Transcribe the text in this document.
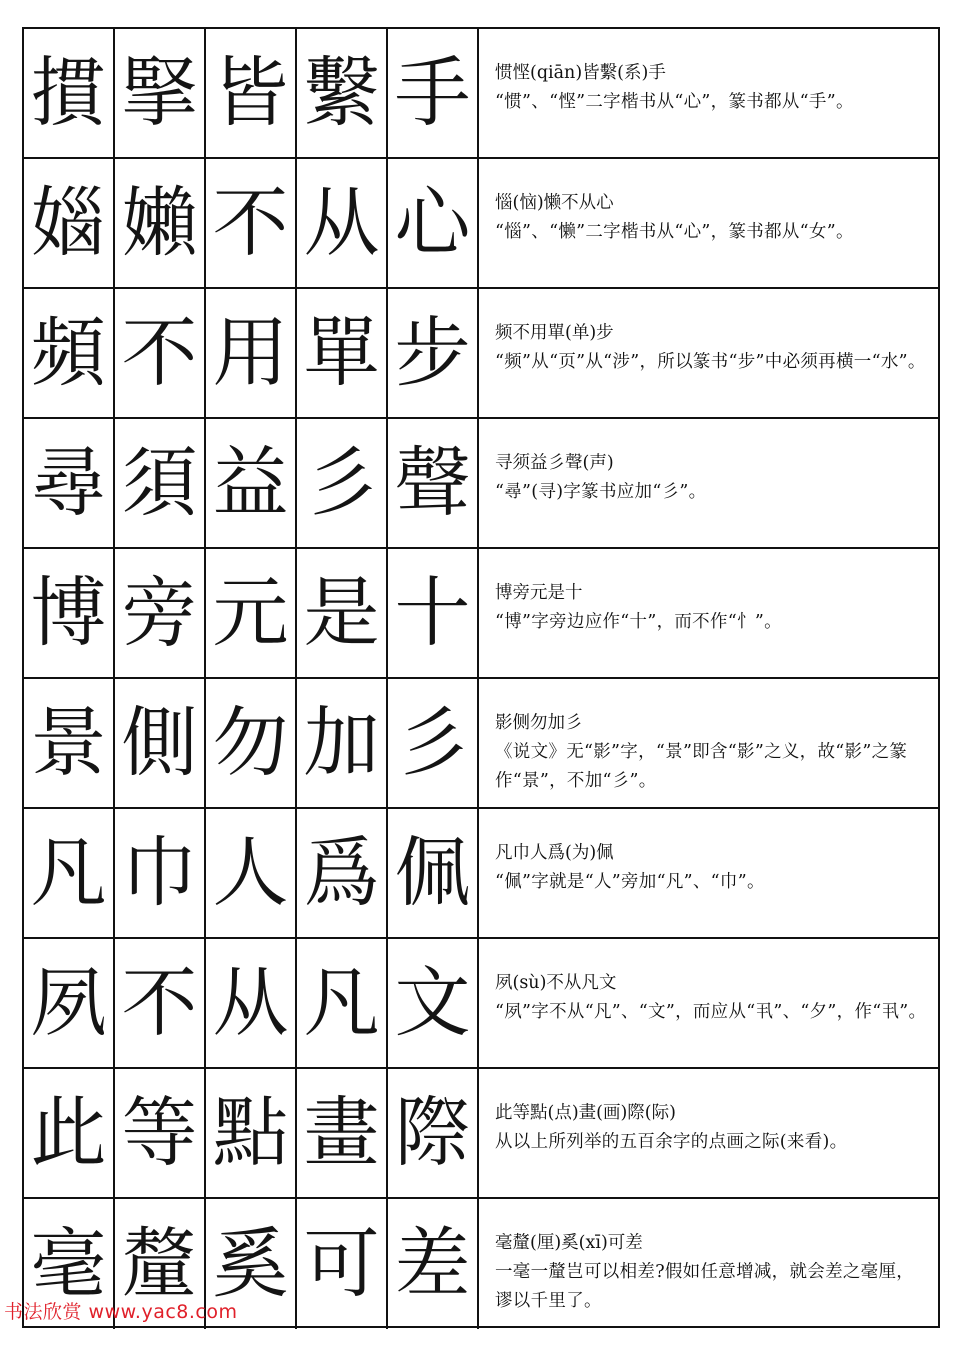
摜 掔 皆 繫 手 惯悭(qiān)皆繫(系)手
“惯”、“悭”二字楷书从“心”，篆书都从“手”。
㛴 嬾 不 从 心 惱(恼)懒不从心
“惱”、“懒”二字楷书从“心”，篆书都从“女”。
頻 不 用 單 步 频不用單(单)步
“频”从“页”从“涉”，所以篆书“步”中必须再横一“水”。
尋 須 益 彡 聲 寻须益彡聲(声)
“尋”(寻)字篆书应加“彡”。
博 旁 元 是 十 博旁元是十
“博”字旁边应作“十”，而不作“忄”。
景 側 勿 加 彡 影侧勿加彡
《说文》无“影”字，“景”即含“影”之义，故“影”之篆作“景”，不加“彡”。
凡 巾 人 爲 佩 凡巾人爲(为)佩
“佩”字就是“人”旁加“凡”、“巾”。
夙 不 从 凡 文 夙(sù)不从凡文
“夙”字不从“凡”、“文”，而应从“丮”、“夕”，作“丮”。
此 等 點 畫 際 此等點(点)畫(画)際(际)
从以上所列举的五百余字的点画之际(来看)。
毫 釐 奚 可 差 毫釐(厘)奚(xī)可差
一毫一釐岂可以相差?假如任意增减，就会差之毫厘，谬以千里了。
书法欣赏 www.yac8.com
